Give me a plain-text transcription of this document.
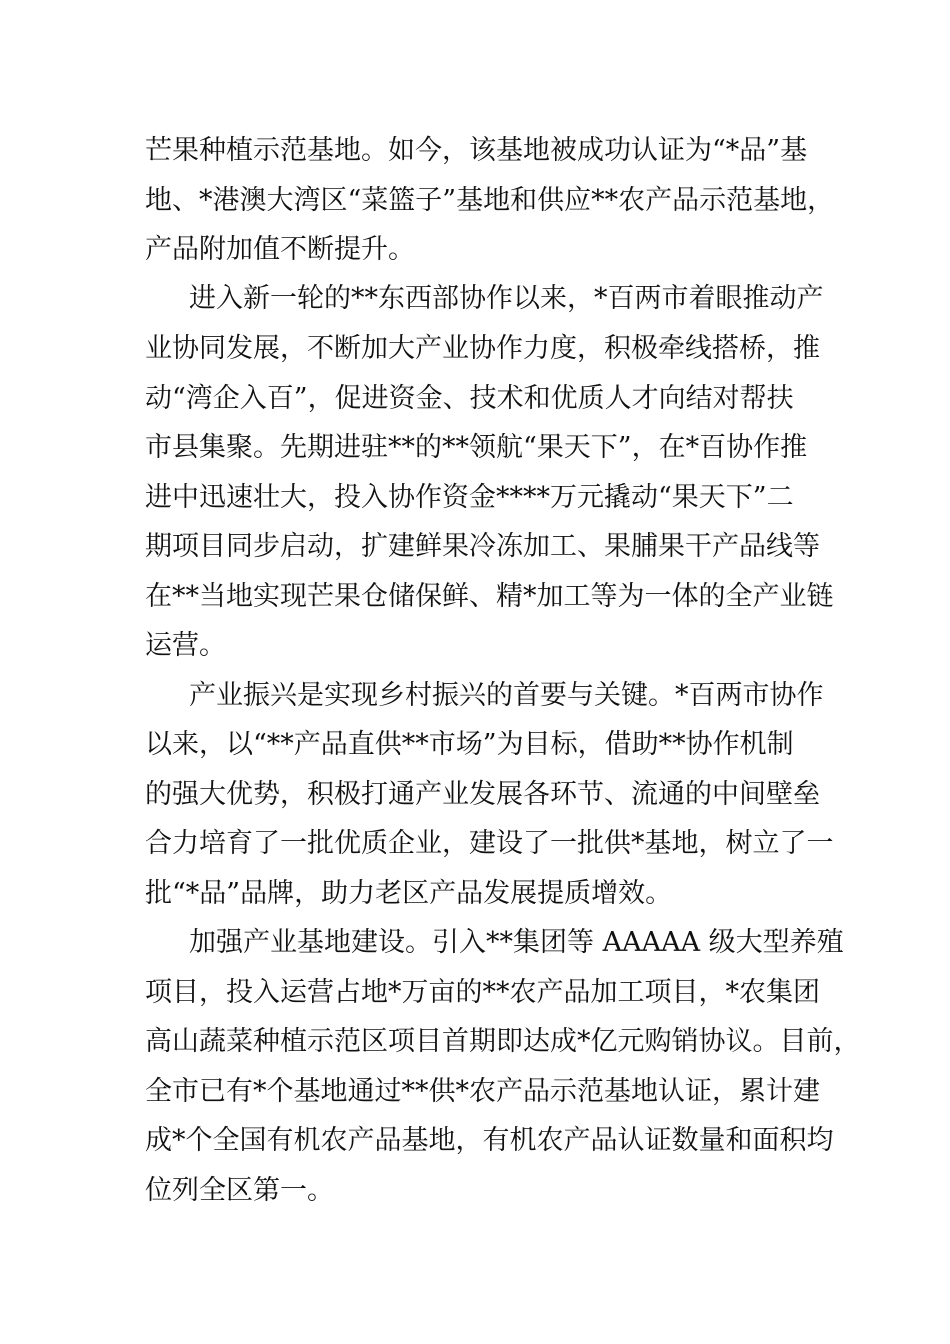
芒果种植示范基地。如今，该基地被成功认证为“*品”基
地、*港澳大湾区“菜篮子”基地和供应**农产品示范基地，
产品附加值不断提升。
进入新一轮的**东西部协作以来，*百两市着眼推动产
业协同发展，不断加大产业协作力度，积极牵线搭桥，推
动“湾企入百”，促进资金、技术和优质人才向结对帮扶
市县集聚。先期进驻**的**领航“果天下”，在*百协作推
进中迅速壮大，投入协作资金****万元撬动“果天下”二
期项目同步启动，扩建鲜果冷冻加工、果脯果干产品线等
在**当地实现芒果仓储保鲜、精*加工等为一体的全产业链
运营。
产业振兴是实现乡村振兴的首要与关键。*百两市协作
以来，以“**产品直供**市场”为目标，借助**协作机制
的强大优势，积极打通产业发展各环节、流通的中间壁垒
合力培育了一批优质企业，建设了一批供*基地，树立了一
批“*品”品牌，助力老区产品发展提质增效。
加强产业基地建设。引入**集团等 AAAAA 级大型养殖
项目，投入运营占地*万亩的**农产品加工项目，*农集团
高山蔬菜种植示范区项目首期即达成*亿元购销协议。目前，
全市已有*个基地通过**供*农产品示范基地认证，累计建
成*个全国有机农产品基地，有机农产品认证数量和面积均
位列全区第一。
